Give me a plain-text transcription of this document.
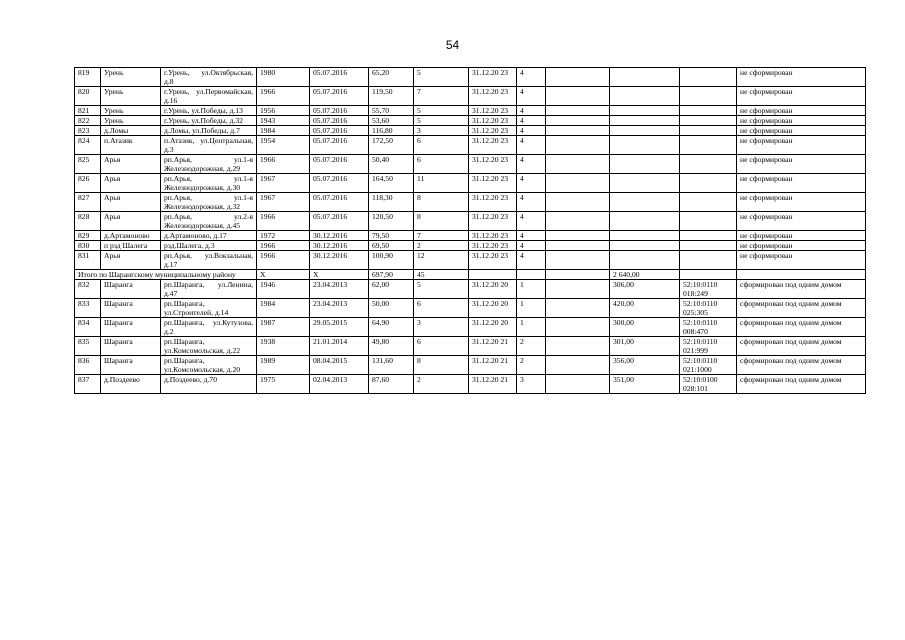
54
819	Урень	г.Урень, ул.Октябрьская, д.8	1980	05.07.2016	65,20	5	31.12.20 23	4				не сформирован
820	Урень	г.Урень, ул.Первомайская, д.16	1966	05.07.2016	119,50	7	31.12.20 23	4				не сформирован
821	Урень	г.Урень, ул.Победы, д.13	1956	05.07.2016	55,70	5	31.12.20 23	4				не сформирован
822	Урень	г.Урень, ул.Победы, д.32	1943	05.07.2016	53,60	5	31.12.20 23	4				не сформирован
823	д.Ломы	д.Ломы, ул.Победы, д.7	1984	05.07.2016	116,80	3	31.12.20 23	4				не сформирован
824	п.Атазик	п.Атазик, ул.Центральная, д.3	1954	05.07.2016	172,50	6	31.12.20 23	4				не сформирован
825	Арья	рп.Арья, ул.1-я Железнодорожная, д.29	1966	05.07.2016	50,40	6	31.12.20 23	4				не сформирован
826	Арья	рп.Арья, ул.1-я Железнодорожная, д.30	1967	05.07.2016	164,50	11	31.12.20 23	4				не сформирован
827	Арья	рп.Арья, ул.1-я Железнодорожная, д.32	1967	05.07.2016	118,30	8	31.12.20 23	4				не сформирован
828	Арья	рп.Арья, ул.2-я Железнодорожная, д.45	1966	05.07.2016	120,50	8	31.12.20 23	4				не сформирован
829	д.Артамоново	д.Артамоново, д.17	1972	30.12.2016	79,50	7	31.12.20 23	4				не сформирован
830	п рзд Шалега	рзд.Шалега, д.3	1966	30.12.2016	69,50	2	31.12.20 23	4				не сформирован
831	Арья	рп.Арья, ул.Вокзальная, д.17	1966	30.12.2016	100,90	12	31.12.20 23	4				не сформирован
Итого по Шарангскому муниципальному району			Х	Х	697,90	45				2 640,00		
832	Шаранга	рп.Шаранга, ул.Ленина, д.47	1946	23.04.2013	62,00	5	31.12.20 20	1		306,00	52:10:0110 018:249	сформирован под одним домом
833	Шаранга	рп.Шаранга, ул.Строителей, д.14	1984	23.04.2013	50,00	6	31.12.20 20	1		420,00	52:10:0110 025:305	сформирован под одним домом
834	Шаранга	рп.Шаранга, ул.Кутузова, д.2	1987	29.05.2015	64,90	3	31.12.20 20	1		300,00	52:10:0110 008:470	сформирован под одним домом
835	Шаранга	рп.Шаранга, ул.Комсомольская, д.22	1938	21.01.2014	49,80	6	31.12.20 21	2		301,00	52:10:0110 021:999	сформирован под одним домом
836	Шаранга	рп.Шаранга, ул.Комсомольская, д.20	1989	08.04.2015	131,60	8	31.12.20 21	2		356,00	52:10:0110 021:1000	сформирован под одним домом
837	д.Поздеево	д.Поздеево, д.70	1975	02.04.2013	87,60	2	31.12.20 21	3		351,00	52:10:0100 028:101	сформирован под одним домом
